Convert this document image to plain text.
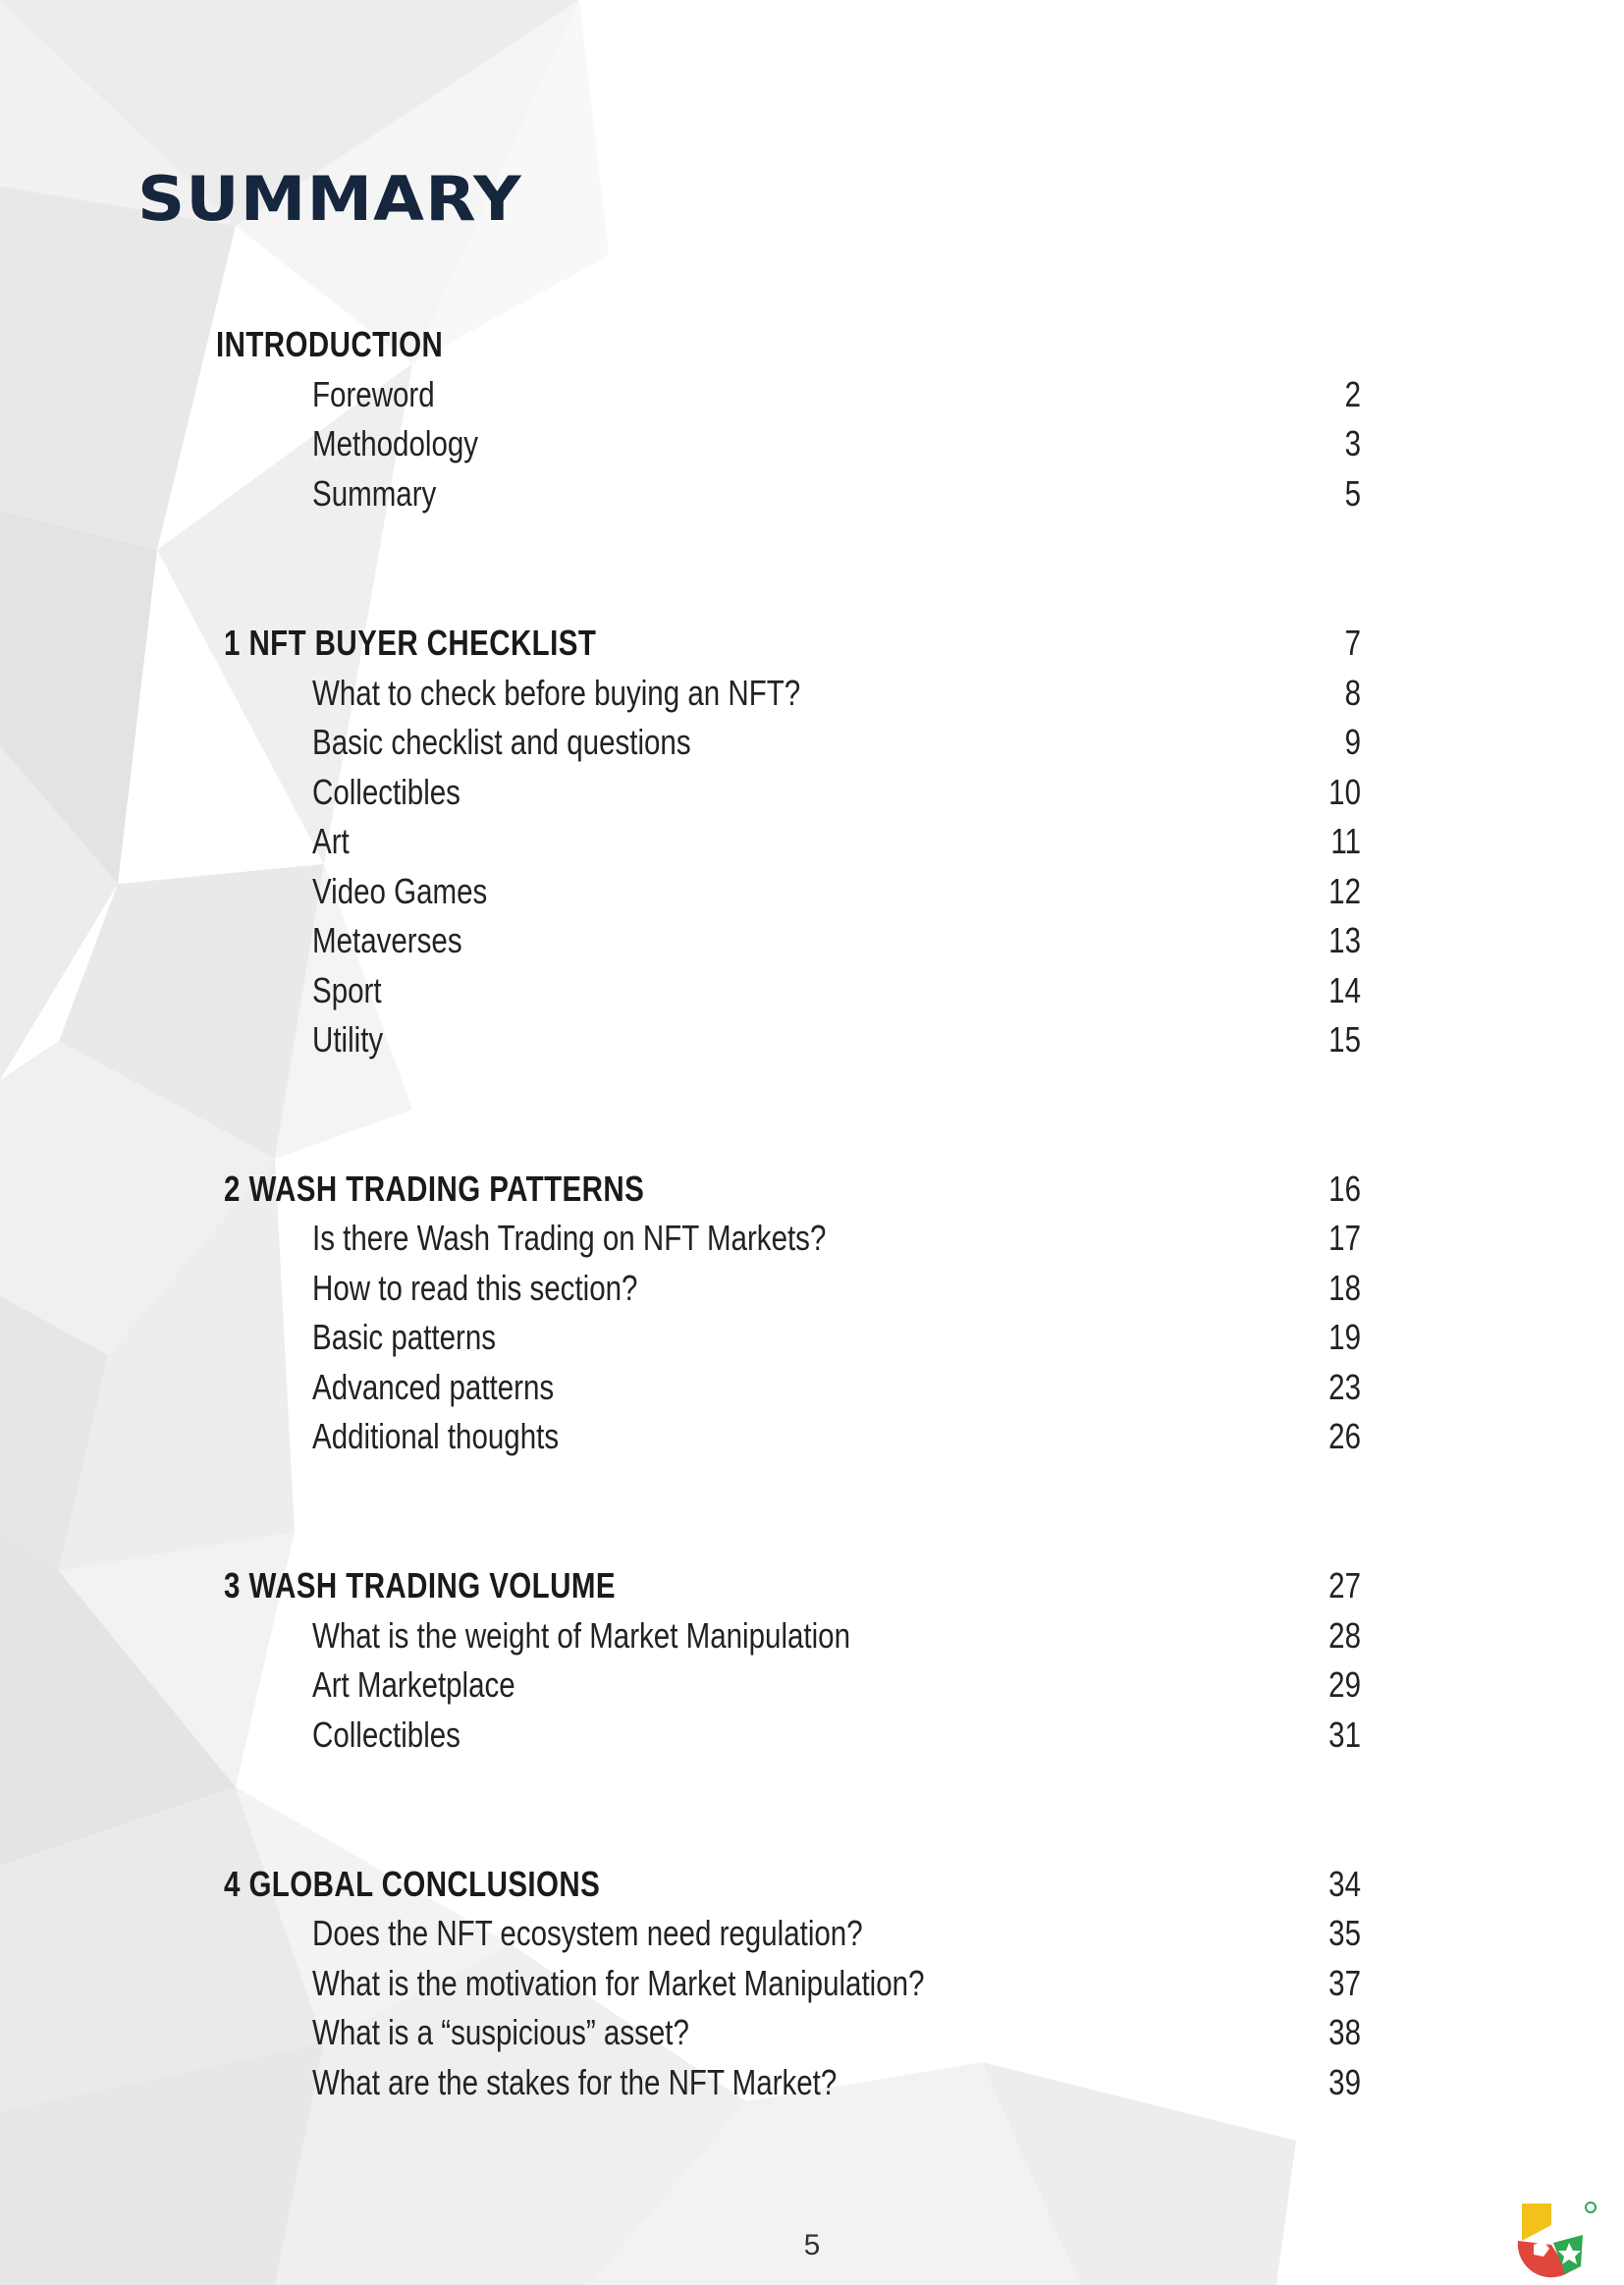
SUMMARY
INTRODUCTION
Foreword	2
Methodology	3
Summary	5
1 NFT BUYER CHECKLIST	7
What to check before buying an NFT?	8
Basic checklist and questions	9
Collectibles	10
Art	11
Video Games	12
Metaverses	13
Sport	14
Utility	15
2 WASH TRADING PATTERNS	16
Is there Wash Trading on NFT Markets?	17
How to read this section?	18
Basic patterns	19
Advanced patterns	23
Additional thoughts	26
3 WASH TRADING VOLUME	27
What is the weight of Market Manipulation	28
Art Marketplace	29
Collectibles	31
4 GLOBAL CONCLUSIONS	34
Does the NFT ecosystem need regulation?	35
What is the motivation for Market Manipulation?	37
What is a “suspicious” asset?	38
What are the stakes for the NFT Market?	39
5
